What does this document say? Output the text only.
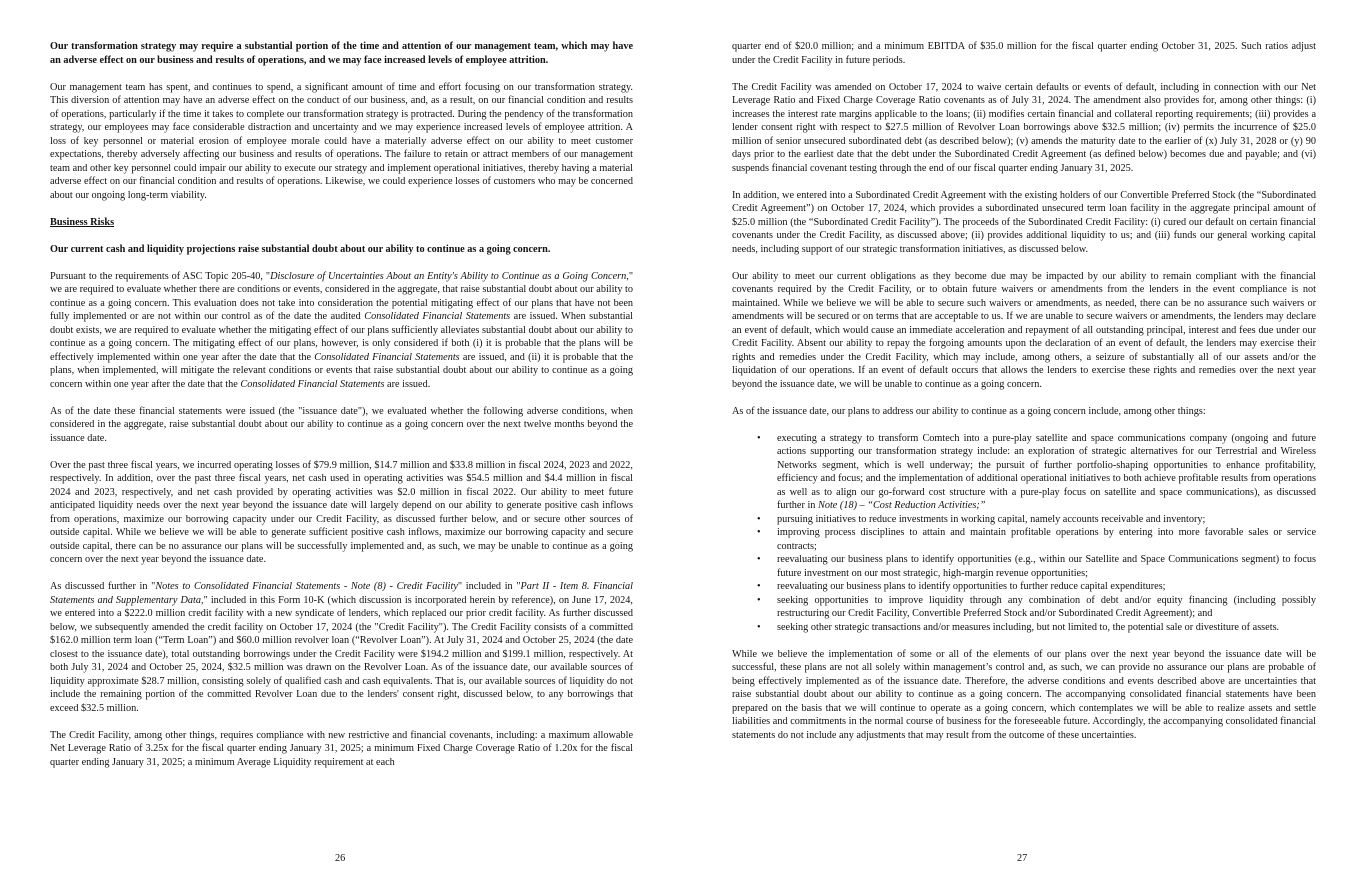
Our transformation strategy may require a substantial portion of the time and attention of our management team, which may have an adverse effect on our business and results of operations, and we may face increased levels of employee attrition.

Our management team has spent, and continues to spend, a significant amount of time and effort focusing on our transformation strategy. This diversion of attention may have an adverse effect on the conduct of our business, and, as a result, on our financial condition and results of operations, particularly if the time it takes to complete our transformation strategy is protracted. During the pendency of the transformation strategy, our employees may face considerable distraction and uncertainty and we may experience increased levels of employee attrition. A loss of key personnel or material erosion of employee morale could have a materially adverse effect on our ability to meet customer expectations, thereby adversely affecting our business and results of operations. The failure to retain or attract members of our management team and other key personnel could impair our ability to execute our strategy and implement operational initiatives, thereby having a material adverse effect on our financial condition and results of operations. Likewise, we could experience losses of customers who may be concerned about our ongoing long-term viability.

Business Risks

Our current cash and liquidity projections raise substantial doubt about our ability to continue as a going concern.

Pursuant to the requirements of ASC Topic 205-40, "Disclosure of Uncertainties About an Entity's Ability to Continue as a Going Concern," we are required to evaluate whether there are conditions or events, considered in the aggregate, that raise substantial doubt about our ability to continue as a going concern. This evaluation does not take into consideration the potential mitigating effect of our plans that have not been fully implemented or are not within our control as of the date the audited Consolidated Financial Statements are issued. When substantial doubt exists, we are required to evaluate whether the mitigating effect of our plans sufficiently alleviates substantial doubt about our ability to continue as a going concern. The mitigating effect of our plans, however, is only considered if both (i) it is probable that the plans will be effectively implemented within one year after the date that the Consolidated Financial Statements are issued, and (ii) it is probable that the plans, when implemented, will mitigate the relevant conditions or events that raise substantial doubt about our ability to continue as a going concern within one year after the date that the Consolidated Financial Statements are issued.

As of the date these financial statements were issued (the "issuance date"), we evaluated whether the following adverse conditions, when considered in the aggregate, raise substantial doubt about our ability to continue as a going concern over the next twelve months beyond the issuance date.

Over the past three fiscal years, we incurred operating losses of $79.9 million, $14.7 million and $33.8 million in fiscal 2024, 2023 and 2022, respectively. In addition, over the past three fiscal years, net cash used in operating activities was $54.5 million and $4.4 million in fiscal 2024 and 2023, respectively, and net cash provided by operating activities was $2.0 million in fiscal 2022. Our ability to meet future anticipated liquidity needs over the next year beyond the issuance date will largely depend on our ability to generate positive cash inflows from operations, maximize our borrowing capacity under our Credit Facility, as discussed further below, and or secure other sources of outside capital. While we believe we will be able to generate sufficient positive cash inflows, maximize our borrowing capacity and secure outside capital, there can be no assurance our plans will be successfully implemented and, as such, we may be unable to continue as a going concern over the next year beyond the issuance date.

As discussed further in "Notes to Consolidated Financial Statements - Note (8) - Credit Facility" included in "Part II - Item 8. Financial Statements and Supplementary Data," included in this Form 10-K (which discussion is incorporated herein by reference), on June 17, 2024, we entered into a $222.0 million credit facility with a new syndicate of lenders, which replaced our prior credit facility. As further discussed below, we subsequently amended the credit facility on October 17, 2024 (the "Credit Facility"). The Credit Facility consists of a committed $162.0 million term loan (“Term Loan”) and $60.0 million revolver loan (“Revolver Loan”). At July 31, 2024 and October 25, 2024 (the date closest to the issuance date), total outstanding borrowings under the Credit Facility were $194.2 million and $199.1 million, respectively. At both July 31, 2024 and October 25, 2024, $32.5 million was drawn on the Revolver Loan. As of the issuance date, our available sources of liquidity approximate $28.7 million, consisting solely of qualified cash and cash equivalents. That is, our available sources of liquidity do not include the remaining portion of the committed Revolver Loan due to the lenders' consent right, discussed below, to any borrowings that exceed $32.5 million.

The Credit Facility, among other things, requires compliance with new restrictive and financial covenants, including: a maximum allowable Net Leverage Ratio of 3.25x for the fiscal quarter ending January 31, 2025; a minimum Fixed Charge Coverage Ratio of 1.20x for the fiscal quarter ending January 31, 2025; a minimum Average Liquidity requirement at each

quarter end of $20.0 million; and a minimum EBITDA of $35.0 million for the fiscal quarter ending October 31, 2025. Such ratios adjust under the Credit Facility in future periods.

The Credit Facility was amended on October 17, 2024 to waive certain defaults or events of default, including in connection with our Net Leverage Ratio and Fixed Charge Coverage Ratio covenants as of July 31, 2024. The amendment also provides for, among other things: (i) increases the interest rate margins applicable to the loans; (ii) modifies certain financial and collateral reporting requirements; (iii) provides a lender consent right with respect to $27.5 million of Revolver Loan borrowings above $32.5 million; (iv) permits the incurrence of $25.0 million of senior unsecured subordinated debt (as described below); (v) amends the maturity date to the earlier of (x) July 31, 2028 or (y) 90 days prior to the earliest date that the debt under the Subordinated Credit Agreement (as defined below) becomes due and payable; and (vi) suspends financial covenant testing through the end of our fiscal quarter ending January 31, 2025.

In addition, we entered into a Subordinated Credit Agreement with the existing holders of our Convertible Preferred Stock (the “Subordinated Credit Agreement”) on October 17, 2024, which provides a subordinated unsecured term loan facility in the aggregate principal amount of $25.0 million (the “Subordinated Credit Facility”). The proceeds of the Subordinated Credit Facility: (i) cured our default on certain financial covenants under the Credit Facility, as discussed above; (ii) provides additional liquidity to us; and (iii) funds our general working capital needs, including support of our strategic transformation initiatives, as discussed below.

Our ability to meet our current obligations as they become due may be impacted by our ability to remain compliant with the financial covenants required by the Credit Facility, or to obtain future waivers or amendments from the lenders in the event compliance is not maintained. While we believe we will be able to secure such waivers or amendments, as needed, there can be no assurance such waivers or amendments will be secured or on terms that are acceptable to us. If we are unable to secure waivers or amendments, the lenders may declare an event of default, which would cause an immediate acceleration and repayment of all outstanding principal, interest and fees due under our Credit Facility. Absent our ability to repay the forgoing amounts upon the declaration of an event of default, the lenders may exercise their rights and remedies under the Credit Facility, which may include, among others, a seizure of substantially all of our assets and/or the liquidation of our operations. If an event of default occurs that allows the lenders to exercise these rights and remedies over the next year beyond the issuance date, we will be unable to continue as a going concern.

As of the issuance date, our plans to address our ability to continue as a going concern include, among other things:

• executing a strategy to transform Comtech into a pure-play satellite and space communications company (ongoing and future actions supporting our transformation strategy include: an exploration of strategic alternatives for our Terrestrial and Wireless Networks segment, which is well underway; the pursuit of further portfolio-shaping opportunities to enhance profitability, efficiency and focus; and the implementation of additional operational initiatives to both achieve profitable results from operations as well as to align our go-forward cost structure with a pure-play focus on satellite and space communications), as discussed further in Note (18) – “Cost Reduction Activities;”
• pursuing initiatives to reduce investments in working capital, namely accounts receivable and inventory;
• improving process disciplines to attain and maintain profitable operations by entering into more favorable sales or service contracts;
• reevaluating our business plans to identify opportunities (e.g., within our Satellite and Space Communications segment) to focus future investment on our most strategic, high-margin revenue opportunities;
• reevaluating our business plans to identify opportunities to further reduce capital expenditures;
• seeking opportunities to improve liquidity through any combination of debt and/or equity financing (including possibly restructuring our Credit Facility, Convertible Preferred Stock and/or Subordinated Credit Agreement); and
• seeking other strategic transactions and/or measures including, but not limited to, the potential sale or divestiture of assets.

While we believe the implementation of some or all of the elements of our plans over the next year beyond the issuance date will be successful, these plans are not all solely within management’s control and, as such, we can provide no assurance our plans are probable of being effectively implemented as of the issuance date. Therefore, the adverse conditions and events described above are uncertainties that raise substantial doubt about our ability to continue as a going concern. The accompanying consolidated financial statements have been prepared on the basis that we will continue to operate as a going concern, which contemplates we will be able to realize assets and settle liabilities and commitments in the normal course of business for the foreseeable future. Accordingly, the accompanying consolidated financial statements do not include any adjustments that may result from the outcome of these uncertainties.

26	27
